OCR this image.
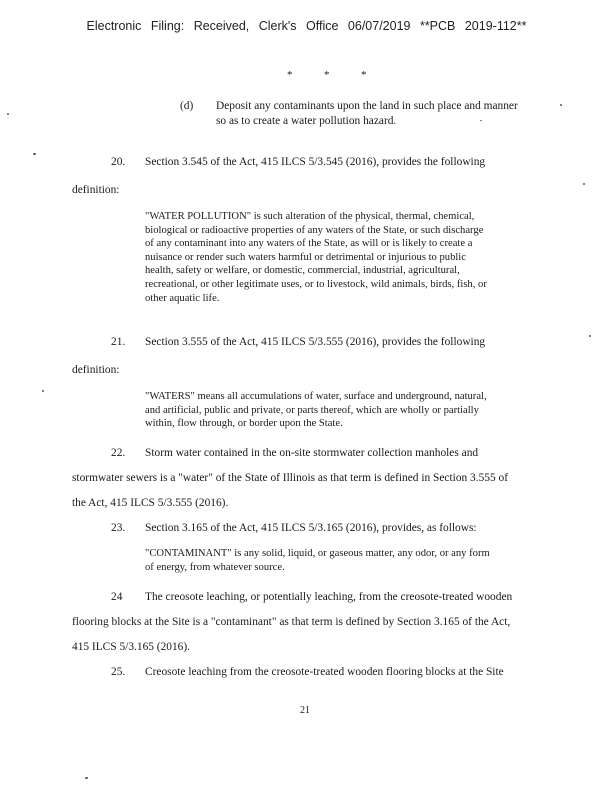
Electronic Filing: Received, Clerk's Office 06/07/2019 **PCB 2019-112**
*	*	*
(d) Deposit any contaminants upon the land in such place and manner
so as to create a water pollution hazard.
20. Section 3.545 of the Act, 415 ILCS 5/3.545 (2016), provides the following
definition:
"WATER POLLUTION" is such alteration of the physical, thermal, chemical,
biological or radioactive properties of any waters of the State, or such discharge
of any contaminant into any waters of the State, as will or is likely to create a
nuisance or render such waters harmful or detrimental or injurious to public
health, safety or welfare, or domestic, commercial, industrial, agricultural,
recreational, or other legitimate uses, or to livestock, wild animals, birds, fish, or
other aquatic life.
21. Section 3.555 of the Act, 415 ILCS 5/3.555 (2016), provides the following
definition:
"WATERS" means all accumulations of water, surface and underground, natural,
and artificial, public and private, or parts thereof, which are wholly or partially
within, flow through, or border upon the State.
22. Storm water contained in the on-site stormwater collection manholes and
stormwater sewers is a "water" of the State of Illinois as that term is defined in Section 3.555 of
the Act, 415 ILCS 5/3.555 (2016).
23. Section 3.165 of the Act, 415 ILCS 5/3.165 (2016), provides, as follows:
"CONTAMINANT" is any solid, liquid, or gaseous matter, any odor, or any form
of energy, from whatever source.
24 The creosote leaching, or potentially leaching, from the creosote-treated wooden
flooring blocks at the Site is a "contaminant" as that term is defined by Section 3.165 of the Act,
415 ILCS 5/3.165 (2016).
25. Creosote leaching from the creosote-treated wooden flooring blocks at the Site
21
